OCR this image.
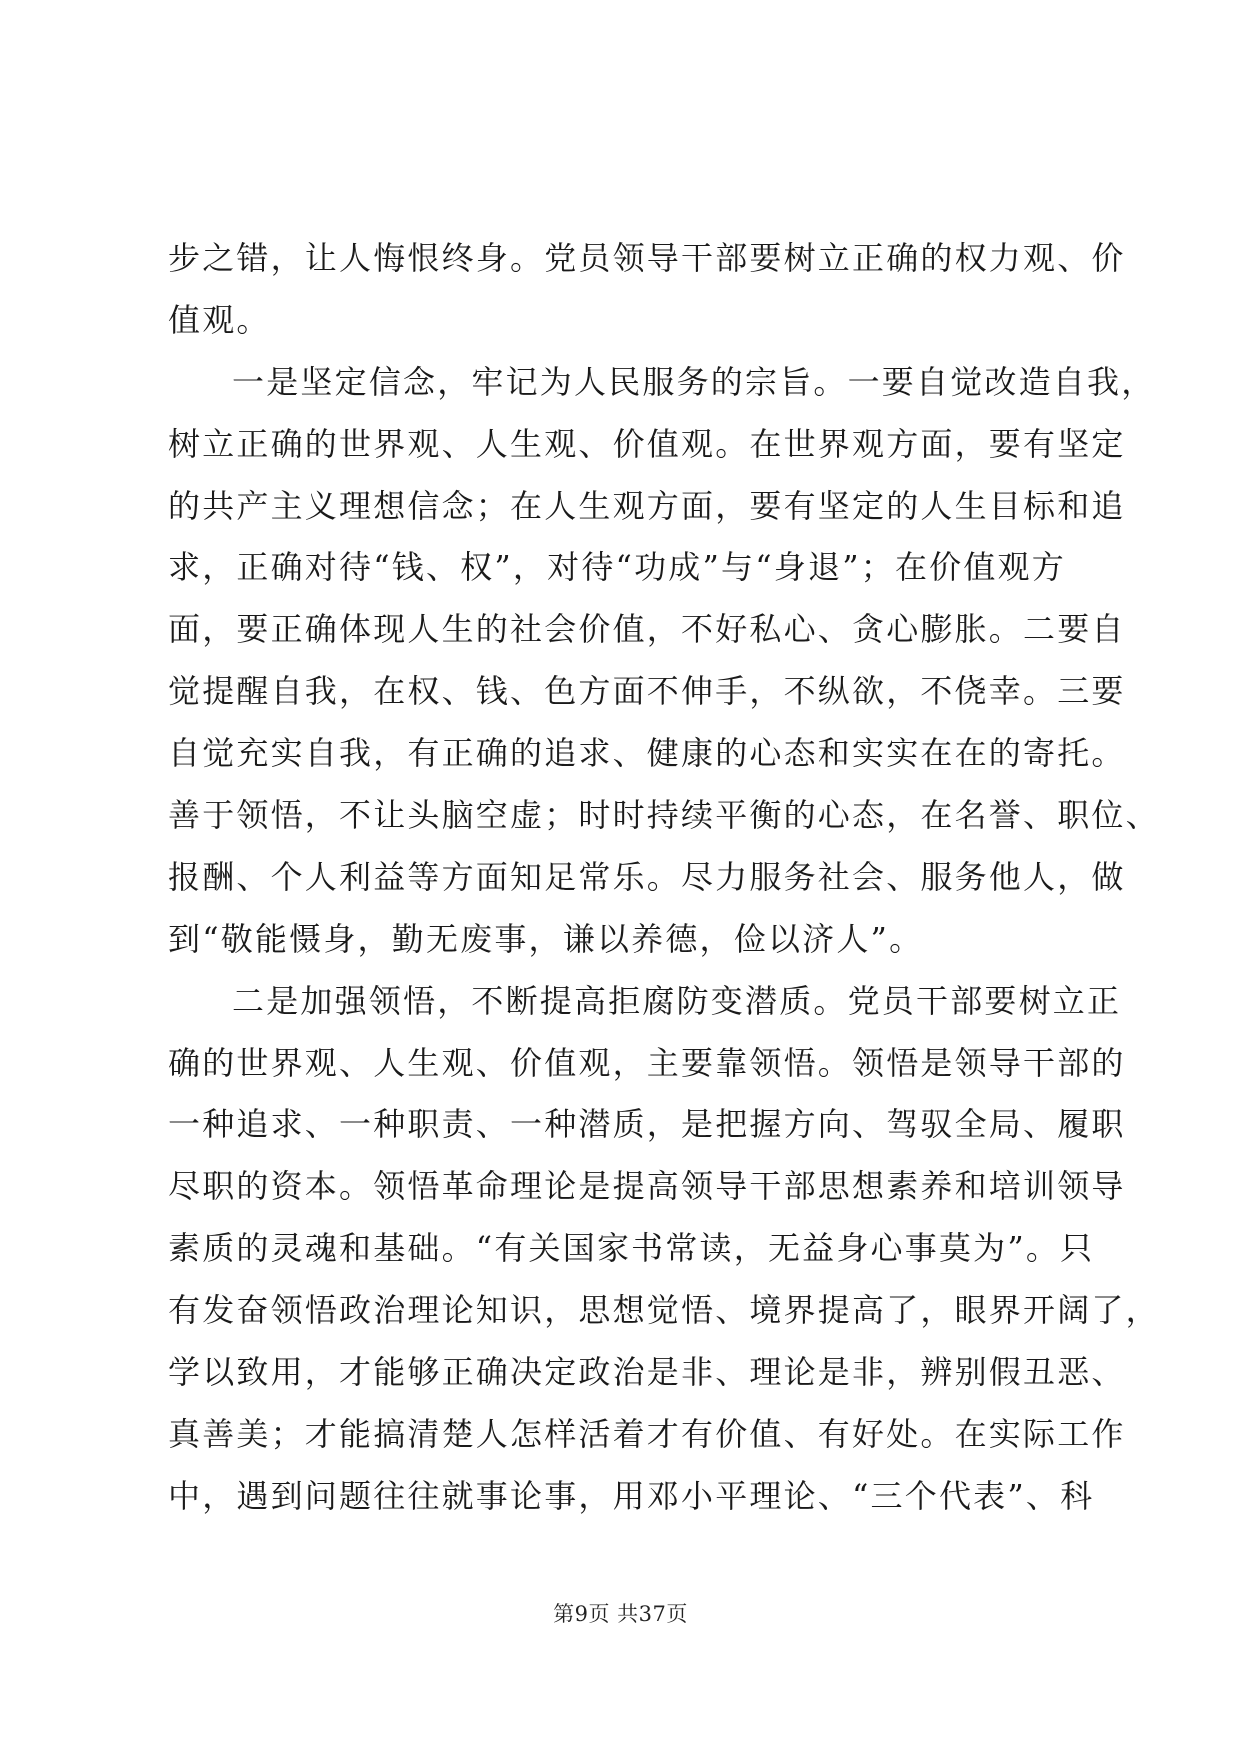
步之错，让人悔恨终身。党员领导干部要树立正确的权力观、价
值观。
一是坚定信念，牢记为人民服务的宗旨。一要自觉改造自我，
树立正确的世界观、人生观、价值观。在世界观方面，要有坚定
的共产主义理想信念；在人生观方面，要有坚定的人生目标和追
求，正确对待“钱、权”，对待“功成”与“身退”；在价值观方
面，要正确体现人生的社会价值，不好私心、贪心膨胀。二要自
觉提醒自我，在权、钱、色方面不伸手，不纵欲，不侥幸。三要
自觉充实自我，有正确的追求、健康的心态和实实在在的寄托。
善于领悟，不让头脑空虚；时时持续平衡的心态，在名誉、职位、
报酬、个人利益等方面知足常乐。尽力服务社会、服务他人，做
到“敬能慑身，勤无废事，谦以养德，俭以济人”。
二是加强领悟，不断提高拒腐防变潜质。党员干部要树立正
确的世界观、人生观、价值观，主要靠领悟。领悟是领导干部的
一种追求、一种职责、一种潜质，是把握方向、驾驭全局、履职
尽职的资本。领悟革命理论是提高领导干部思想素养和培训领导
素质的灵魂和基础。“有关国家书常读，无益身心事莫为”。只
有发奋领悟政治理论知识，思想觉悟、境界提高了，眼界开阔了，
学以致用，才能够正确决定政治是非、理论是非，辨别假丑恶、
真善美；才能搞清楚人怎样活着才有价值、有好处。在实际工作
中，遇到问题往往就事论事，用邓小平理论、“三个代表”、科
第9页 共37页
